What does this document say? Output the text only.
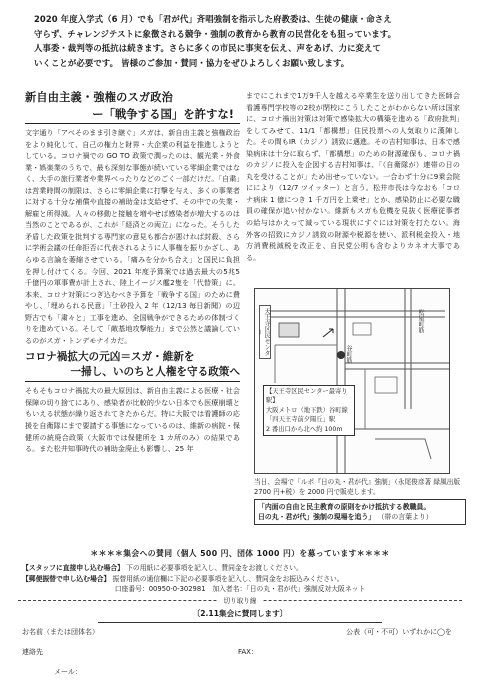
2020 年度入学式（6 月）でも「君が代」斉唱強制を指示した府教委は、生徒の健康・命さえ
守らず、チャレンジテストに象徴される競争・強制の教育から教育の民営化をも狙っています。
人事委・裁判等の抵抗は続きます。さらに多くの市民に事実を伝え、声をあげ、力に変えて
いくことが必要です。 皆様のご参加・賛同・協力をぜひよろしくお願い致します。
新自由主義・強権のスガ政治
ー「戦争する国」を許すな!
文字通り「アベそのまま引き継ぐ」スガは、新自由主義と強権政治をより純化して、自己の権力と財界・大企業の利益を推進しようとしている。コロナ禍での GO TO 政策で潤ったのは、観光業・外食業・娯楽業のうちで、最も深刻な事態が続いている零細企業ではなく、大手の旅行業者や業界べったりなどのごく一部だけだ。「自粛」は営業時間の制限は、さらに零細企業に打撃を与え、多くの事業者に対する十分な補償や直接の補助金は支給せず、その中での失業・解雇と所得減。人々の移動と接触を増やせば感染者が増大するのは当然のことであるが、これが「経済との両立」になった。そうした矛盾した政策を批判する専門家の意見も都合が悪ければ封殺、さらに学術会議の任命拒否に代表されるように人事権を振りかざし、あらゆる言論を萎縮させている。「痛みを分かち合え」と国民に負担を押し付けてくる。今回、2021 年度予算案では過去最大の5兆5千億円の軍事費が計上され、陸上イージス艦2隻を「代替策」に。本来、コロナ対策につぎ込むべき予算を「戦争する国」のために費やし、「埋められる民意」「土砂投入 2 年（12/13 毎日新聞）の辺野古でも「粛々と」工事を進め、全国戦争ができるための体制づくりを進めている。そして「敵基地攻撃能力」まで公然と議論しているのがスガ・トンデモナイカだ。
コロナ禍拡大の元凶＝スガ・維新を
一掃し、いのちと人権を守る政策へ
そもそもコロナ禍拡大の最大原因は、新自由主義による医療・社会保障の切り捨てにあり、感染者が比較的少ない日本でも医療崩壊ともいえる状態が繰り返されてきたからだ。特に大阪では看護師の応援を自衛隊にまで要請する事態になっているのは、維新の病院・保健所の統廃合政策（大阪市では保健所を 1 カ所のみ）の結果である。また松井知事時代の補助金廃止も影響し、25 年
までにこれまで1万9千人を越える卒業生を送り出してきた医師会看護専門学校等の2校が閉校にこうしたことがわからない所は国家に、コロナ禍出対策は対策で感染拡大の構築を進める「政府批判」をしてみせて、11/1「都構想」住民投票への人気取りに漢陣した。その間もIR（カジノ）誘致に邁進。その吉村知事は、日本で感染病床は十分に取らず、「都構想」のための財源確保も、コロナ禍のカジノに投入を企図する吉村知事は、「（自衛隊が）連帯の日の丸を受けることが」ため出せっていない。一合わず十分に9乗会院ににより（12/7 ツイッター）と言う。松井市長は今なおも「コロナ病床 1 億につき 1 千万円を上乗せ」とか、感染防止に必要な職員の確保が追い付かない。維新もスガも危機を見抜く医療従事者の給与はかえって減っている現状にすぐには対策を打たない。海外客の招致にカジノ誘致の財源や税源を使い、派利税金投入・地方消費税減税を改正を、自民党公明も含むよりカネオ大事である。
天王寺区民センター
谷町筋
松屋町筋
【天王寺区民センター最寄り駅】
大阪メトロ（地下鉄）谷町線「四天王寺前夕陽丘」駅
2 番出口から北へ約 100m
当日、会場で「ルポ『日の丸・君が代』強制」（永尾俊彦著 緑風出版 2700 円+税）を 2000 円で販売します。
「内面の自由と民主教育の原則をかけ抵抗する教職員。
日の丸・君が代」強制の現場を追う」 （帯の言葉より）
＊＊＊＊集会への賛同（個人 500 円、団体 1000 円）を募っています＊＊＊＊
【スタッフに直接申し込む場合】 下の用紙に必要事項を記入し、賛同金をお渡しください。
【郵便振替で申し込む場合】 振替用紙の通信欄に下記の必要事項を記入し、賛同金をお振込みください。
口座番号：00950-0-302981　加入者名：「日の丸・君が代」強制反対大阪ネット
切り取り線
〔2.11集会に賛同します〕
お名前（または団体名）	公表（可・不可）いずれかに◯を
連絡先	FAX：
メール：
